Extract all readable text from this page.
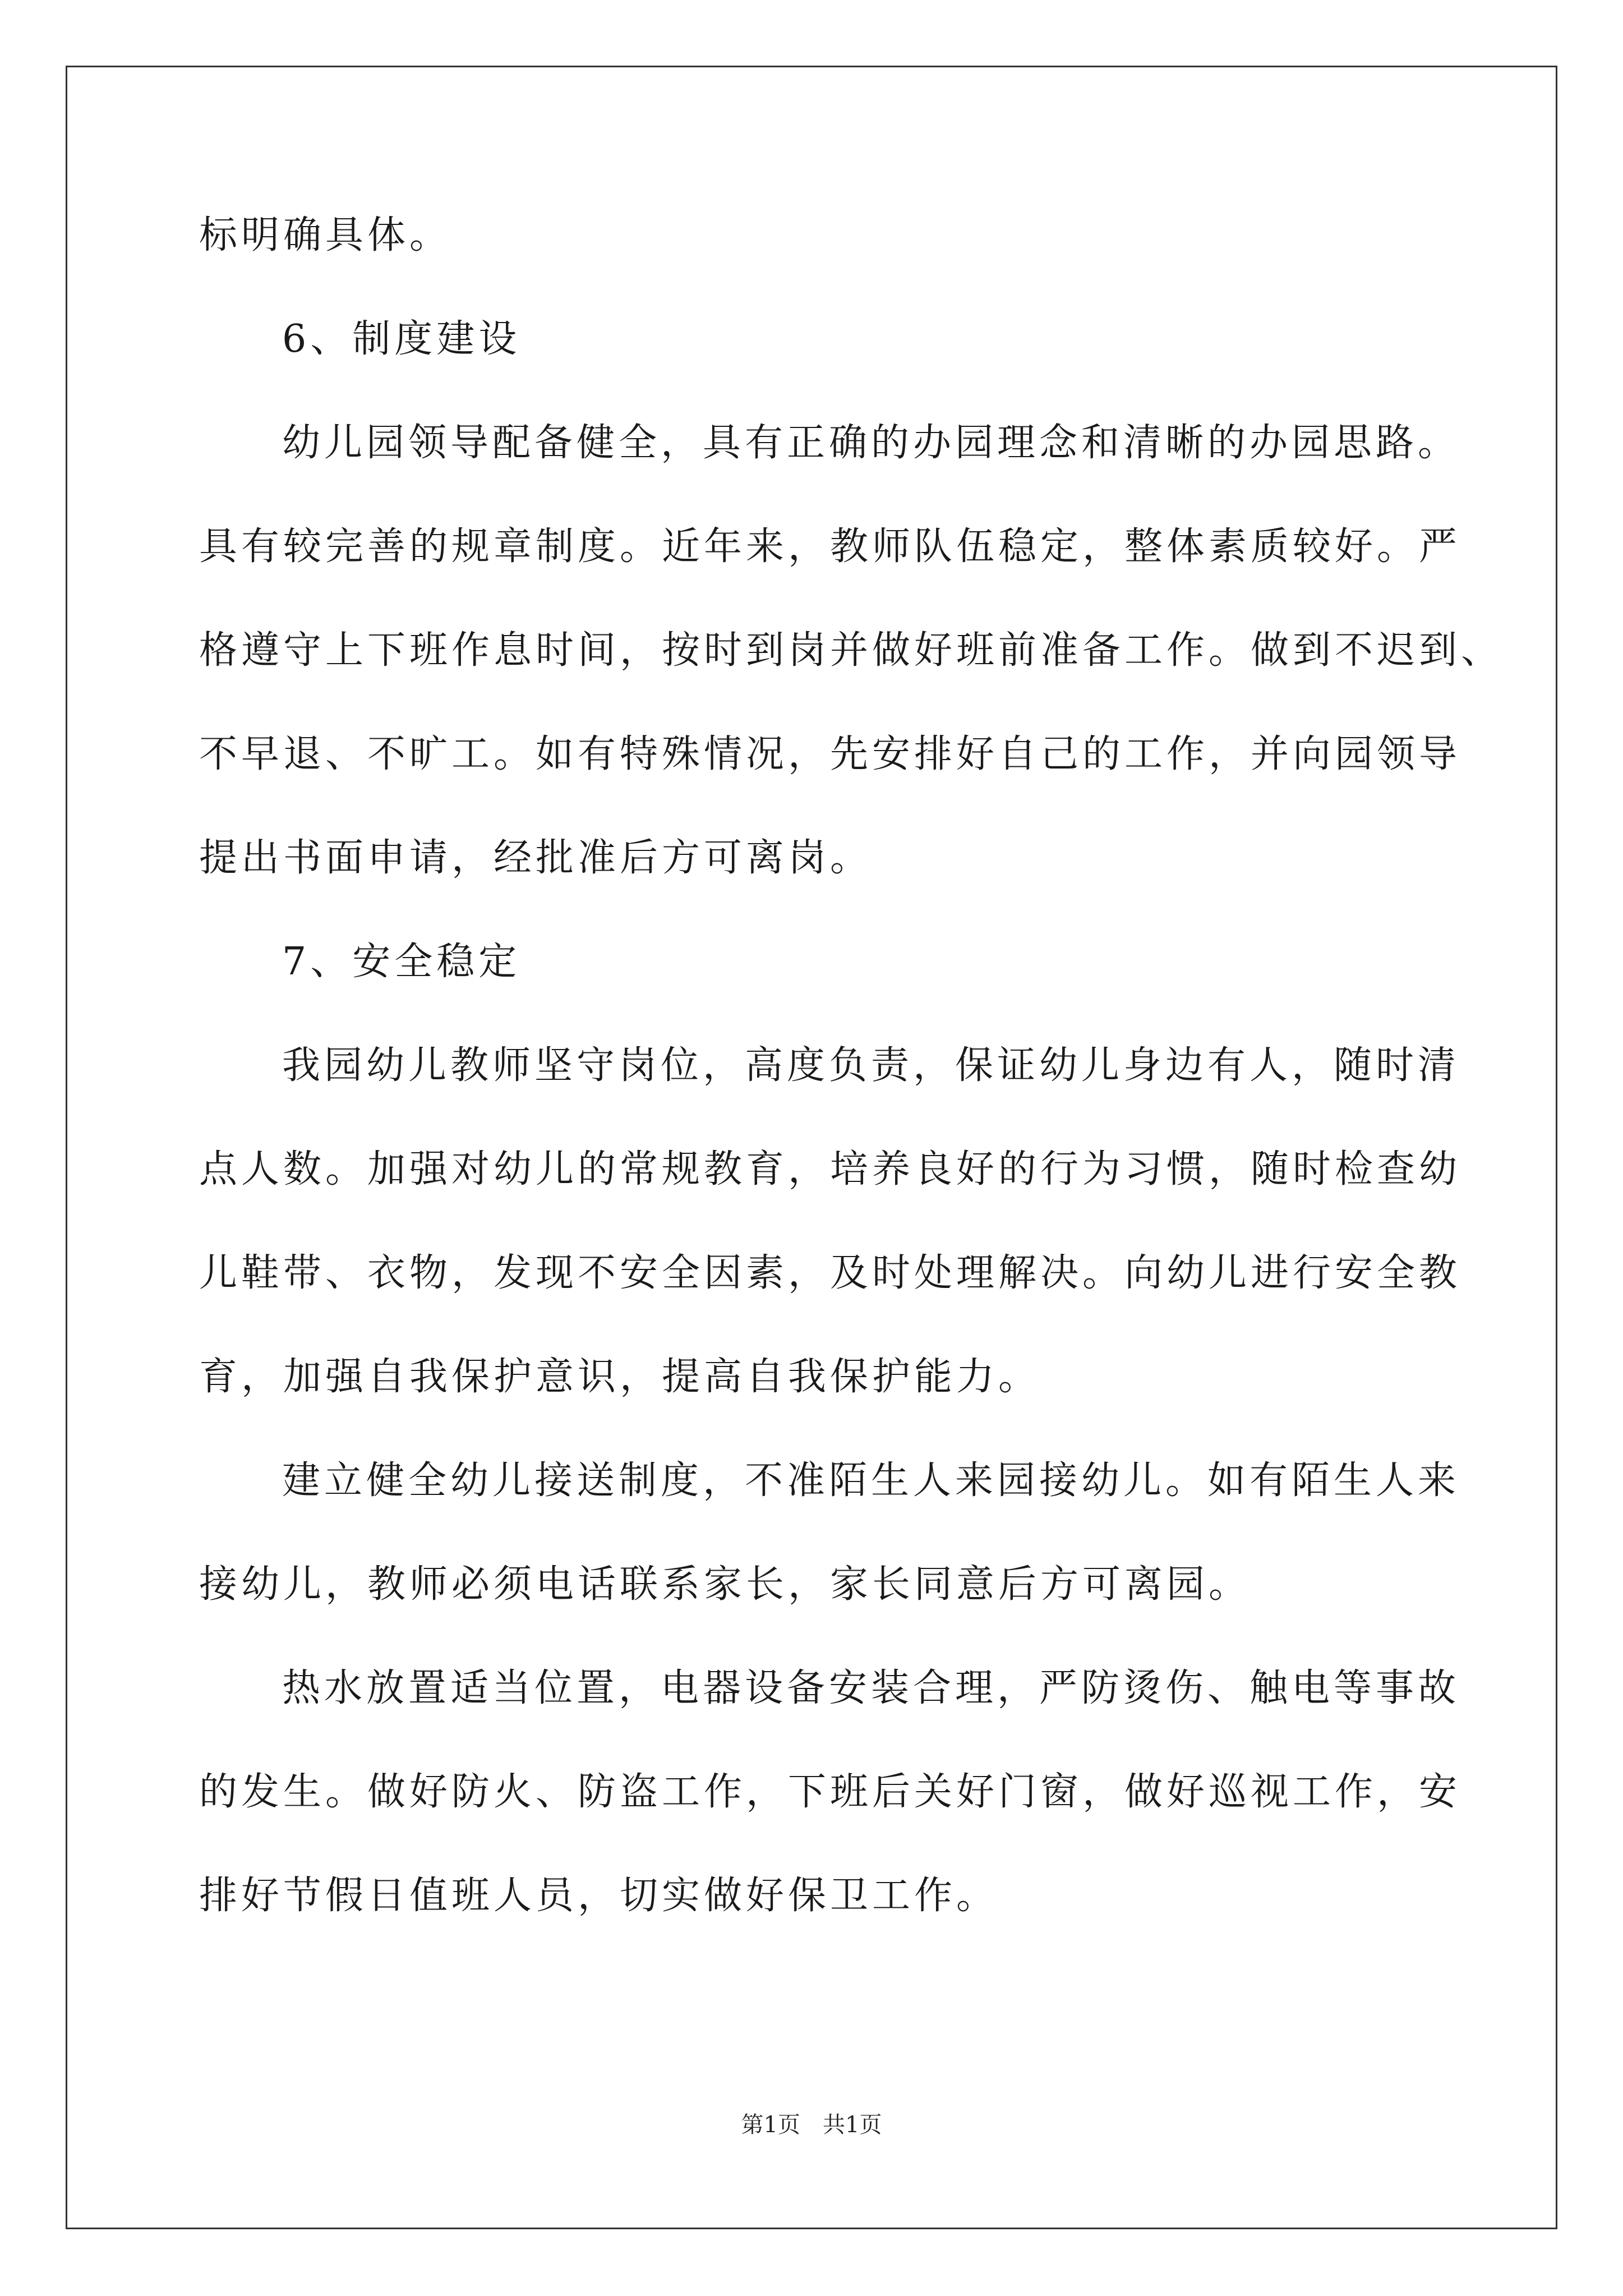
标明确具体。
6、制度建设
幼儿园领导配备健全，具有正确的办园理念和清晰的办园思路。
具有较完善的规章制度。近年来，教师队伍稳定，整体素质较好。严
格遵守上下班作息时间，按时到岗并做好班前准备工作。做到不迟到、
不早退、不旷工。如有特殊情况，先安排好自己的工作，并向园领导
提出书面申请，经批准后方可离岗。
7、安全稳定
我园幼儿教师坚守岗位，高度负责，保证幼儿身边有人，随时清
点人数。加强对幼儿的常规教育，培养良好的行为习惯，随时检查幼
儿鞋带、衣物，发现不安全因素，及时处理解决。向幼儿进行安全教
育，加强自我保护意识，提高自我保护能力。
建立健全幼儿接送制度，不准陌生人来园接幼儿。如有陌生人来
接幼儿，教师必须电话联系家长，家长同意后方可离园。
热水放置适当位置，电器设备安装合理，严防烫伤、触电等事故
的发生。做好防火、防盗工作，下班后关好门窗，做好巡视工作，安
排好节假日值班人员，切实做好保卫工作。
第1页　共1页
